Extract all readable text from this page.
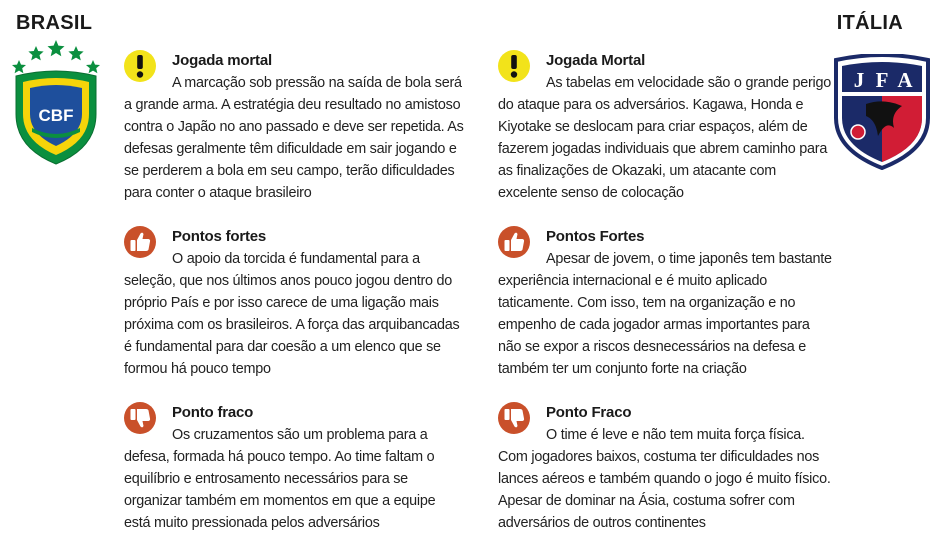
BRASIL	ITÁLIA
CBF
J F A
Jogada mortal

A marcação sob pressão na saída de bola será a grande arma. A estratégia deu resultado no amistoso contra o Japão no ano passado e deve ser repetida. As defesas geralmente têm dificuldade em sair jogando e se perderem a bola em seu campo, terão dificuldades para conter o ataque brasileiro

Pontos fortes

O apoio da torcida é fundamental para a seleção, que nos últimos anos pouco jogou dentro do próprio País e por isso carece de uma ligação mais próxima com os brasileiros. A força das arquibancadas é fundamental para dar coesão a um elenco que se formou há pouco tempo

Ponto fraco

Os cruzamentos são um problema para a defesa, formada há pouco tempo. Ao time faltam o equilíbrio e entrosamento necessários para se organizar também em momentos em que a equipe está muito pressionada pelos adversários

Jogada Mortal

As tabelas em velocidade são o grande perigo do ataque para os adversários. Kagawa, Honda e Kiyotake se deslocam para criar espaços, além de fazerem jogadas individuais que abrem caminho para as finalizações de Okazaki, um atacante com excelente senso de colocação

Pontos Fortes

Apesar de jovem, o time japonês tem bastante experiência internacional e é muito aplicado taticamente. Com isso, tem na organização e no empenho de cada jogador armas importantes para não se expor a riscos desnecessários na defesa e também ter um conjunto forte na criação

Ponto Fraco

O time é leve e não tem muita força física. Com jogadores baixos, costuma ter dificuldades nos lances aéreos e também quando o jogo é muito físico. Apesar de dominar na Ásia, costuma sofrer com adversários de outros continentes
